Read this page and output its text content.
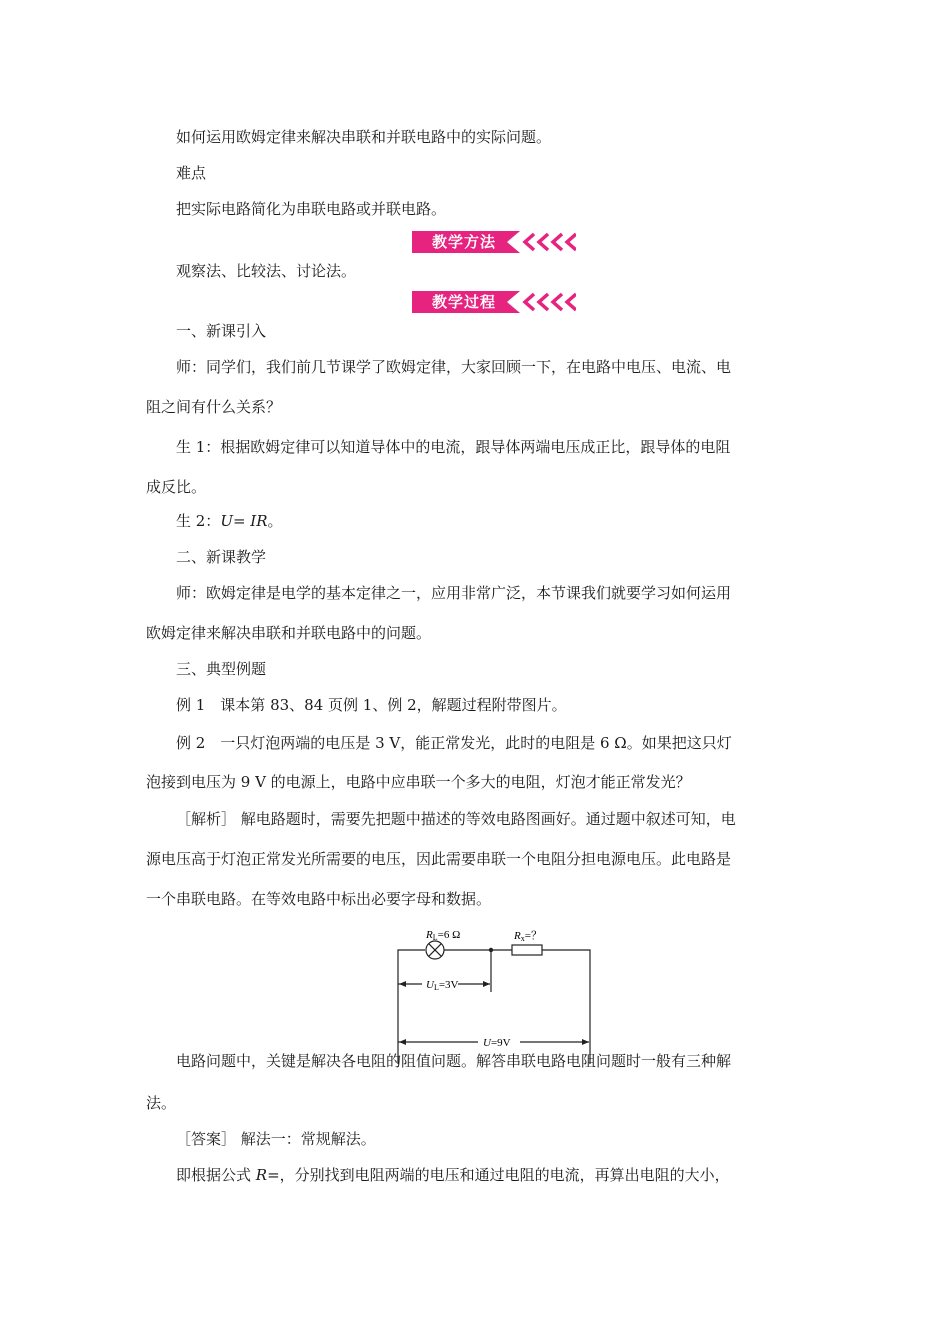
如何运用欧姆定律来解决串联和并联电路中的实际问题。
难点
把实际电路简化为串联电路或并联电路。
教学方法
观察法、比较法、讨论法。
教学过程
一、新课引入
师：同学们，我们前几节课学了欧姆定律，大家回顾一下，在电路中电压、电流、电
阻之间有什么关系？
生 1：根据欧姆定律可以知道导体中的电流，跟导体两端电压成正比，跟导体的电阻
成反比。
生 2：U= IR。
二、新课教学
师：欧姆定律是电学的基本定律之一，应用非常广泛，本节课我们就要学习如何运用
欧姆定律来解决串联和并联电路中的问题。
三、典型例题
例 1　课本第 83、84 页例 1、例 2，解题过程附带图片。
例 2　一只灯泡两端的电压是 3 V，能正常发光，此时的电阻是 6 Ω。如果把这只灯
泡接到电压为 9 V 的电源上，电路中应串联一个多大的电阻，灯泡才能正常发光？
［解析］ 解电路题时，需要先把题中描述的等效电路图画好。通过题中叙述可知，电
源电压高于灯泡正常发光所需要的电压，因此需要串联一个电阻分担电源电压。此电路是
一个串联电路。在等效电路中标出必要字母和数据。
RL=6 Ω	Rx=？
UL=3V
U=9V
电路问题中，关键是解决各电阻的阻值问题。解答串联电路电阻问题时一般有三种解
法。
［答案］ 解法一：常规解法。
即根据公式 R=，分别找到电阻两端的电压和通过电阻的电流，再算出电阻的大小，
